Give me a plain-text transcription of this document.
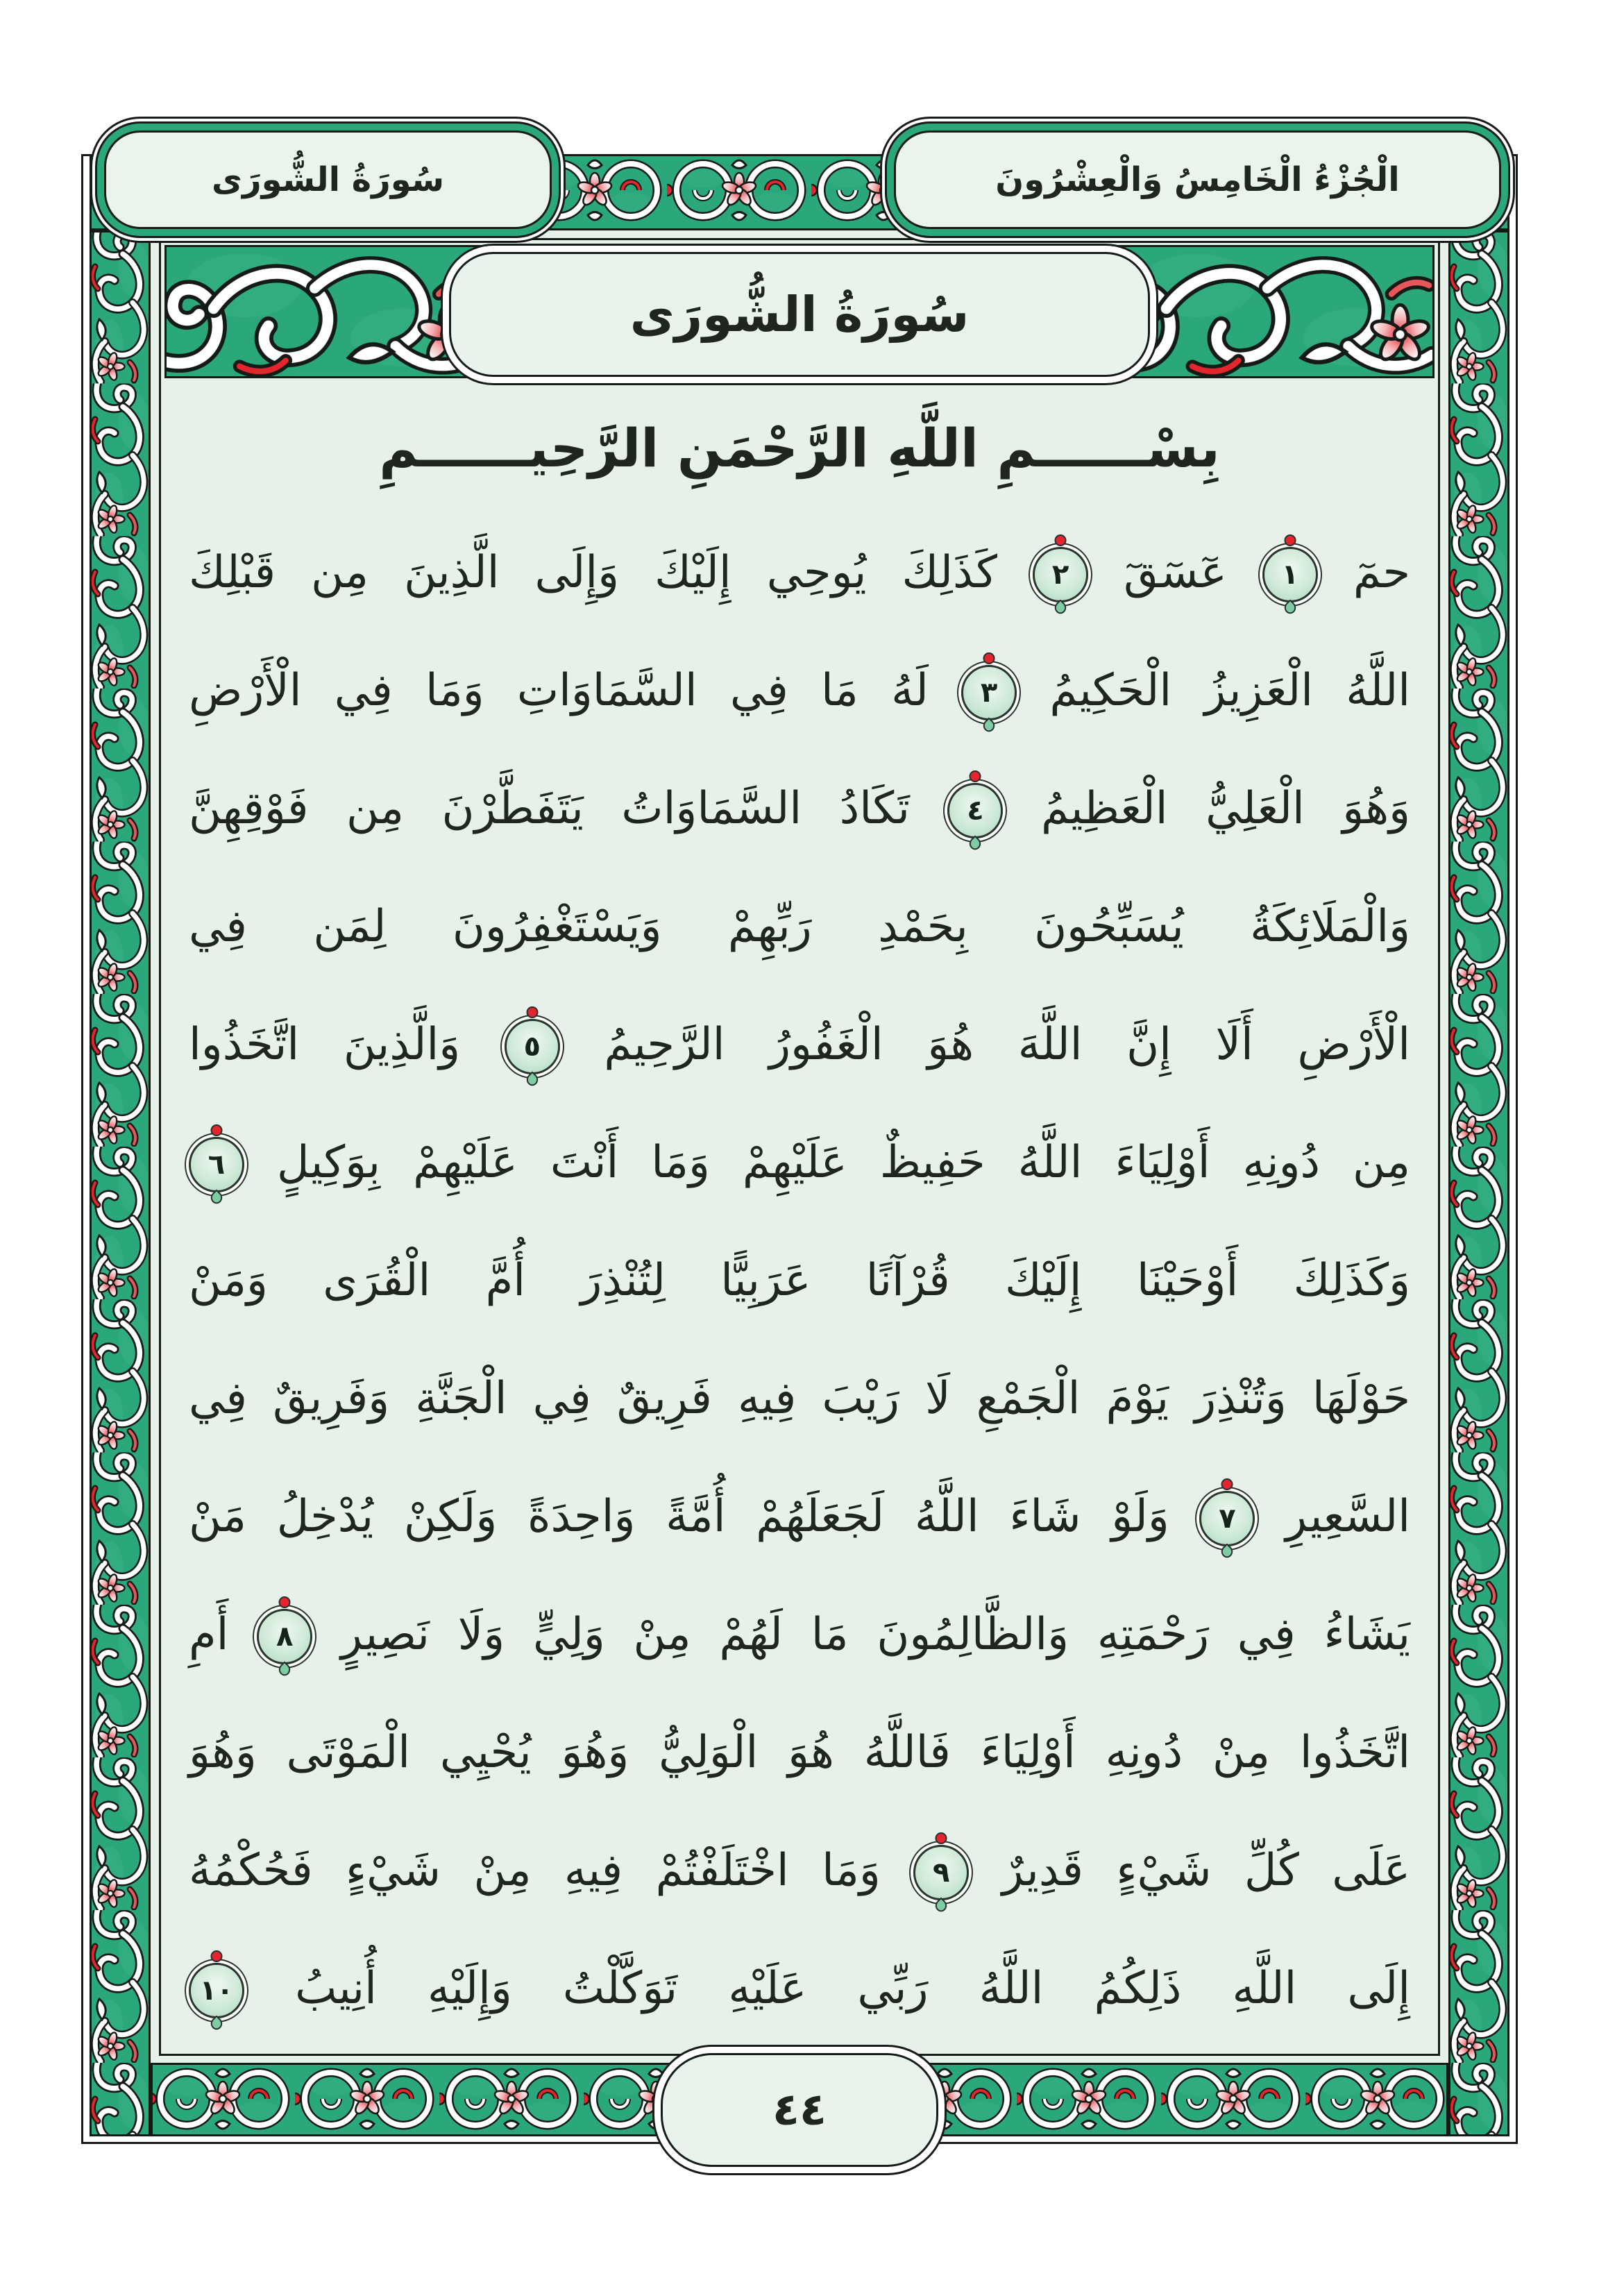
بِسْــــــمِ اللَّهِ الرَّحْمَنِ الرَّحِيــــــمِ
حمٓ ١ عٓسٓقٓ ٢ كَذَلِكَ يُوحِي إِلَيْكَ وَإِلَى الَّذِينَ مِن قَبْلِكَ
اللَّهُ الْعَزِيزُ الْحَكِيمُ ٣ لَهُ مَا فِي السَّمَاوَاتِ وَمَا فِي الْأَرْضِ
وَهُوَ الْعَلِيُّ الْعَظِيمُ ٤ تَكَادُ السَّمَاوَاتُ يَتَفَطَّرْنَ مِن فَوْقِهِنَّ
وَالْمَلَائِكَةُ يُسَبِّحُونَ بِحَمْدِ رَبِّهِمْ وَيَسْتَغْفِرُونَ لِمَن فِي
الْأَرْضِ أَلَا إِنَّ اللَّهَ هُوَ الْغَفُورُ الرَّحِيمُ ٥ وَالَّذِينَ اتَّخَذُوا
مِن دُونِهِ أَوْلِيَاءَ اللَّهُ حَفِيظٌ عَلَيْهِمْ وَمَا أَنْتَ عَلَيْهِمْ بِوَكِيلٍ ٦
وَكَذَلِكَ أَوْحَيْنَا إِلَيْكَ قُرْآنًا عَرَبِيًّا لِتُنْذِرَ أُمَّ الْقُرَى وَمَنْ
حَوْلَهَا وَتُنْذِرَ يَوْمَ الْجَمْعِ لَا رَيْبَ فِيهِ فَرِيقٌ فِي الْجَنَّةِ وَفَرِيقٌ فِي
السَّعِيرِ ٧ وَلَوْ شَاءَ اللَّهُ لَجَعَلَهُمْ أُمَّةً وَاحِدَةً وَلَكِنْ يُدْخِلُ مَنْ
يَشَاءُ فِي رَحْمَتِهِ وَالظَّالِمُونَ مَا لَهُمْ مِنْ وَلِيٍّ وَلَا نَصِيرٍ ٨ أَمِ
اتَّخَذُوا مِنْ دُونِهِ أَوْلِيَاءَ فَاللَّهُ هُوَ الْوَلِيُّ وَهُوَ يُحْيِي الْمَوْتَى وَهُوَ
عَلَى كُلِّ شَيْءٍ قَدِيرٌ ٩ وَمَا اخْتَلَفْتُمْ فِيهِ مِنْ شَيْءٍ فَحُكْمُهُ
إِلَى اللَّهِ ذَلِكُمُ اللَّهُ رَبِّي عَلَيْهِ تَوَكَّلْتُ وَإِلَيْهِ أُنِيبُ ١٠
سُورَةُ الشُّورَى	الْجُزْءُ الْخَامِسُ وَالْعِشْرُونَ
سُورَةُ الشُّورَى
٤٤
